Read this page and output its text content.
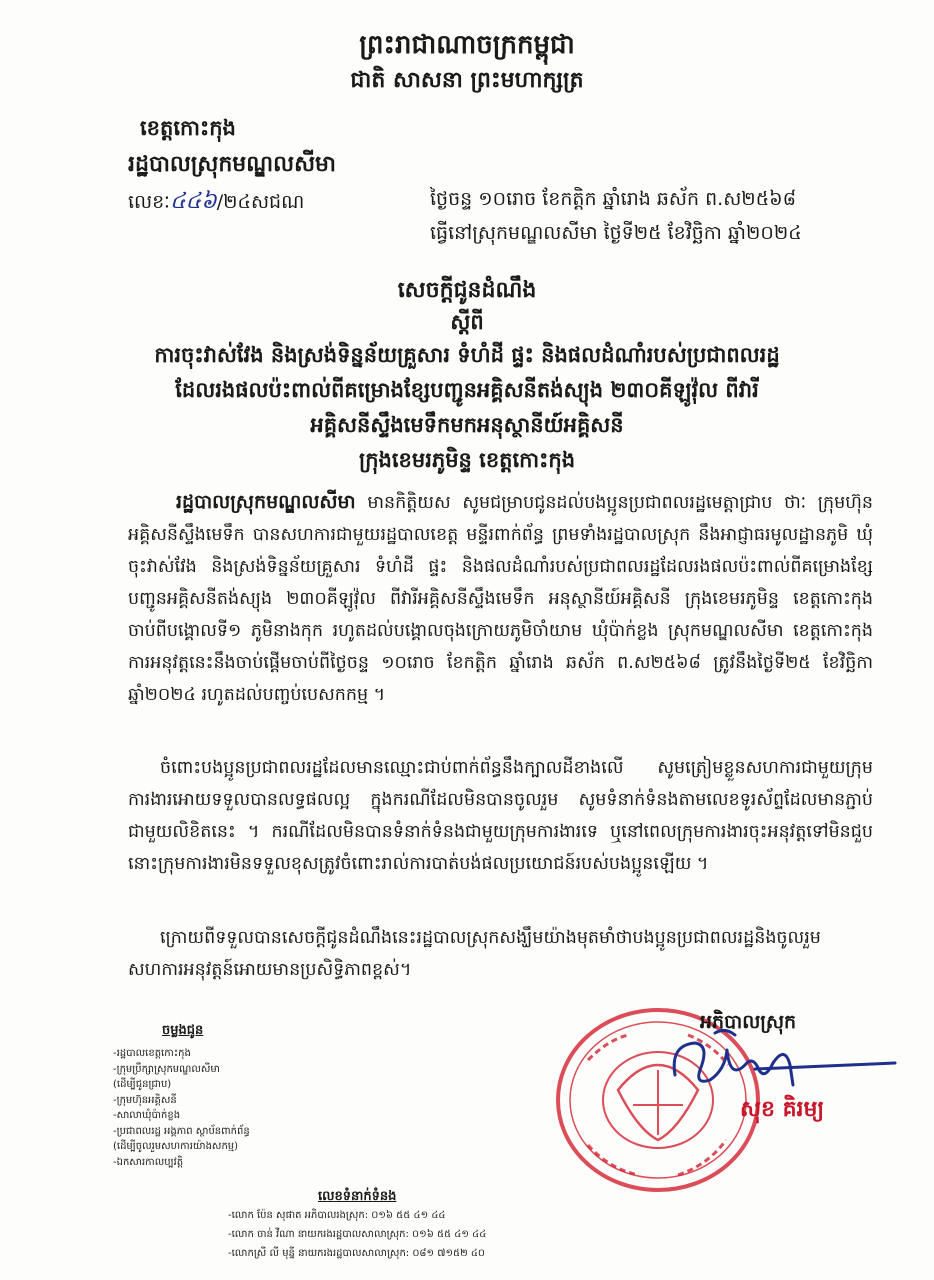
ព្រះរាជាណាចក្រកម្ពុជា
ជាតិ សាសនា ព្រះមហាក្សត្រ
ខេត្តកោះកុង
រដ្ឋបាលស្រុកមណ្ឌលសីមា
លេខៈ៤៤៦/២៤សជណ	ថ្ងៃចន្ទ ១០រោច ខែកត្តិក ឆ្នាំរោង ឆស័ក ព.ស២៥៦៨
ធ្វើនៅស្រុកមណ្ឌលសីមា ថ្ងៃទី២៥ ខែវិច្ឆិកា ឆ្នាំ២០២៤
សេចក្តីជូនដំណឹង
ស្តីពី
ការចុះវាស់វែង និងស្រង់ទិន្នន័យគ្រួសារ ទំហំដី ផ្ទះ និងផលដំណាំរបស់ប្រជាពលរដ្ឋ
ដែលរងផលប៉ះពាល់ពីគម្រោងខ្សែបញ្ជូនអគ្គិសនីតង់ស្យុង ២៣០គីឡូវ៉ុល ពីវារី
អគ្គិសនីស្ទឹងមេទឹកមកអនុស្ថានីយ៍អគ្គិសនី
ក្រុងខេមរភូមិន្ទ ខេត្តកោះកុង
រដ្ឋបាលស្រុកមណ្ឌលសីមា មានកិត្តិយស សូមជម្រាបជូនដល់បងប្អូនប្រជាពលរដ្ឋមេត្តាជ្រាប ថាៈ ក្រុមហ៊ុនអគ្គិសនីស្ទឹងមេទឹក បានសហការជាមួយរដ្ឋបាលខេត្ត មន្ទីរពាក់ព័ន្ធ ព្រមទាំងរដ្ឋបាលស្រុក នឹងអាជ្ញាធរមូលដ្ឋានភូមិ ឃុំ ចុះវាស់វែង និងស្រង់ទិន្នន័យគ្រួសារ ទំហំដី ផ្ទះ និងផលដំណាំរបស់ប្រជាពលរដ្ឋដែលរងផលប៉ះពាល់ពីគម្រោងខ្សែបញ្ជូនអគ្គិសនីតង់ស្យុង ២៣០គីឡូវ៉ុល ពីវារីអគ្គិសនីស្ទឹងមេទឹក អនុស្ថានីយ៍អគ្គិសនី ក្រុងខេមរភូមិន្ទ ខេត្តកោះកុង ចាប់ពីបង្គោលទី១ ភូមិនាងកុក រហូតដល់បង្គោលចុងក្រោយភូមិចាំយាម ឃុំប៉ាក់ខ្លង ស្រុកមណ្ឌលសីមា ខេត្តកោះកុង ការអនុវត្តនេះនឹងចាប់ផ្តើមចាប់ពីថ្ងៃចន្ទ ១០រោច ខែកត្តិក ឆ្នាំរោង ឆស័ក ព.ស២៥៦៨ ត្រូវនឹងថ្ងៃទី២៥ ខែវិច្ឆិកា ឆ្នាំ២០២៤ រហូតដល់បញ្ចប់បេសកកម្ម ។
ចំពោះបងប្អូនប្រជាពលរដ្ឋដែលមានឈ្មោះជាប់ពាក់ព័ន្ធនឹងក្បាលដីខាងលើ សូមត្រៀមខ្លួនសហការជាមួយក្រុមការងារអោយទទួលបានលទ្ធផលល្អ ក្នុងករណីដែលមិនបានចូលរួម សូមទំនាក់ទំនងតាមលេខទូរស័ព្ទដែលមានភ្ជាប់ជាមួយលិខិតនេះ ។ ករណីដែលមិនបានទំនាក់ទំនងជាមួយក្រុមការងារទេ ឬនៅពេលក្រុមការងារចុះអនុវត្តទៅមិនជួប នោះក្រុមការងារមិនទទួលខុសត្រូវចំពោះរាល់ការបាត់បង់ផលប្រយោជន៍របស់បងប្អូនឡើយ ។
ក្រោយពីទទួលបានសេចក្តីជូនដំណឹងនេះរដ្ឋបាលស្រុកសង្ឃឹមយ៉ាងមុតមាំថាបងប្អូនប្រជាពលរដ្ឋនិងចូលរួមសហការអនុវត្តន៍អោយមានប្រសិទ្ធិភាពខ្ពស់។
អភិបាលស្រុក
សុខ គិរម្យ
ចម្លងជូន
-រដ្ឋបាលខេត្តកោះកុង
-ក្រុមប្រឹក្សាស្រុកមណ្ឌលសីមា
(ដើម្បីជូនជ្រាប)
-ក្រុមហ៊ុនអគ្គិសនី
-សាលាឃុំប៉ាក់ខ្លង
-ប្រជាពលរដ្ឋ អង្គភាព ស្ថាប័នពាក់ព័ន្ធ
(ដើម្បីចូលរួមសហការយ៉ាងសកម្ម)
-ឯកសារកាលប្បវត្តិ
លេខទំនាក់ទំនង
-លោក ប៉ែន សុផាត អភិបាលរងស្រុក: ០១៦ ៥៥ ៤១ ៤៤
-លោក ចាន់ វីណា នាយករងរដ្ឋបាលសាលាស្រុក: ០១៦ ៥៥ ៤១ ៤៤
-លោកស្រី លី មុន្នី នាយករងរដ្ឋបាលសាលាស្រុក: ០៨១ ៧១៥២ ៤០
